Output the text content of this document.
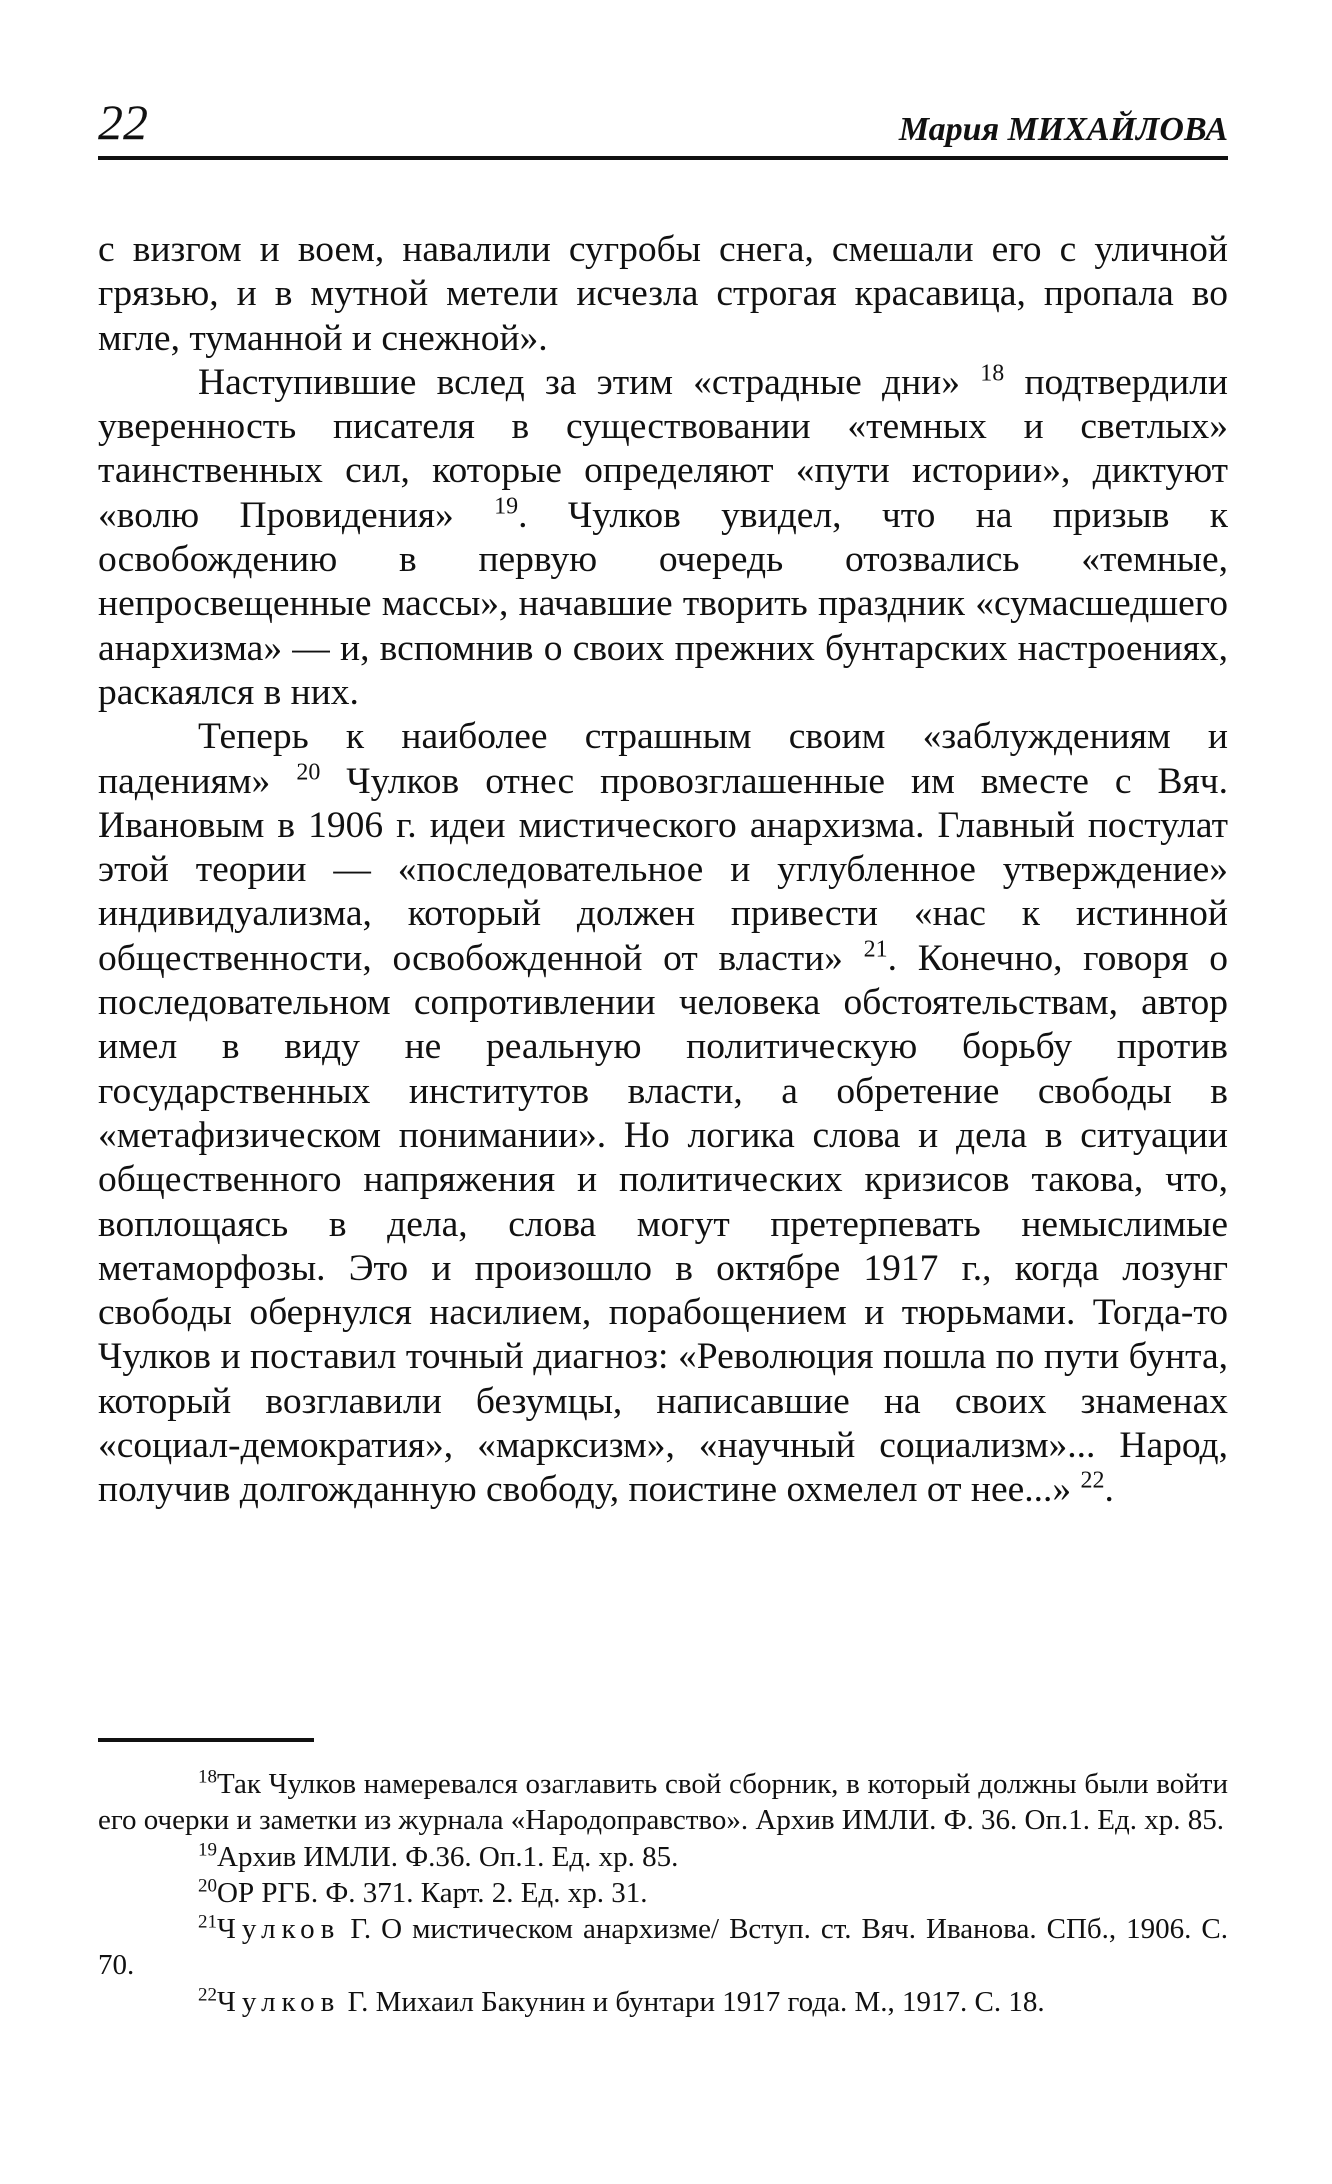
22	Мария МИХАЙЛОВА

с визгом и воем, навалили сугробы снега, смешали его с уличной грязью, и в мутной метели исчезла строгая красавица, пропала во мгле, туманной и снежной».

Наступившие вслед за этим «страдные дни» $^{18}$ подтвердили уверенность писателя в существовании «темных и светлых» таинственных сил, которые определяют «пути истории», диктуют «волю Провидения» $^{19}$. Чулков увидел, что на призыв к освобождению в первую очередь отозвались «темные, непросвещенные массы», начавшие творить праздник «сумасшедшего анархизма» — и, вспомнив о своих прежних бунтарских настроениях, раскаялся в них.

Теперь к наиболее страшным своим «заблуждениям и падениям» $^{20}$ Чулков отнес провозглашенные им вместе с Вяч. Ивановым в 1906 г. идеи мистического анархизма. Главный постулат этой теории — «последовательное и углубленное утверждение» индивидуализма, который должен привести «нас к истинной общественности, освобожденной от власти» $^{21}$. Конечно, говоря о последовательном сопротивлении человека обстоятельствам, автор имел в виду не реальную политическую борьбу против государственных институтов власти, а обретение свободы в «метафизическом понимании». Но логика слова и дела в ситуации общественного напряжения и политических кризисов такова, что, воплощаясь в дела, слова могут претерпевать немыслимые метаморфозы. Это и произошло в октябре 1917 г., когда лозунг свободы обернулся насилием, порабощением и тюрьмами. Тогда-то Чулков и поставил точный диагноз: «Революция пошла по пути бунта, который возглавили безумцы, написавшие на своих знаменах «социал-демократия», «марксизм», «научный социализм»... Народ, получив долгожданную свободу, поистине охмелел от нее...» $^{22}$.

$^{18}$Так Чулков намеревался озаглавить свой сборник, в который должны были войти его очерки и заметки из журнала «Народоправство». Архив ИМЛИ. Ф. 36. Оп.1. Ед. хр. 85.

$^{19}$Архив ИМЛИ. Ф.36. Оп.1. Ед. хр. 85.

$^{20}$ОР РГБ. Ф. 371. Карт. 2. Ед. хр. 31.

$^{21}$Чулков Г. О мистическом анархизме/ Вступ. ст. Вяч. Иванова. СПб., 1906. С. 70.

$^{22}$Чулков Г. Михаил Бакунин и бунтари 1917 года. М., 1917. С. 18.
